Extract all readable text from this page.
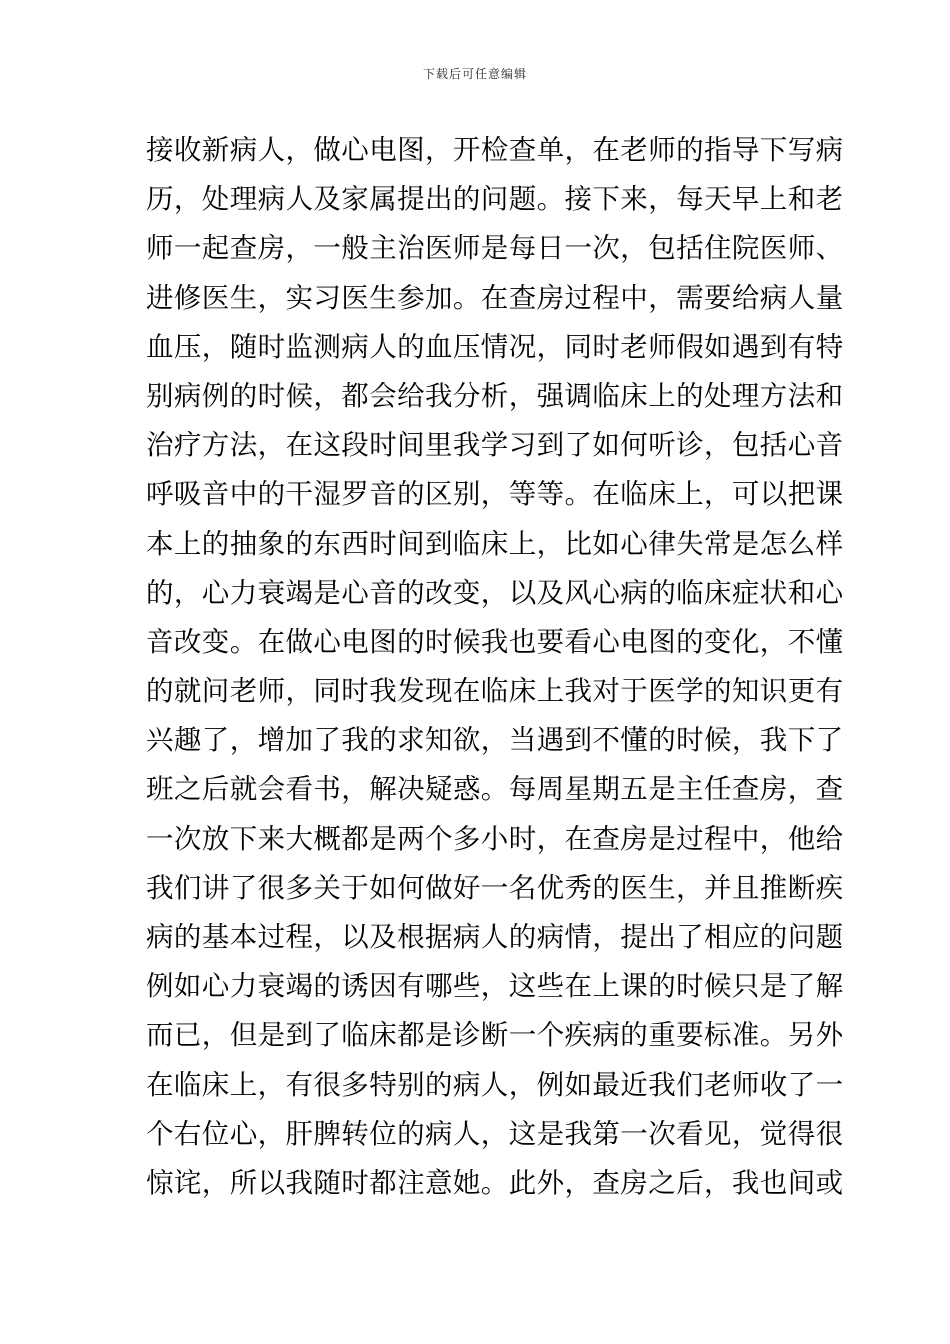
下载后可任意编辑
接收新病人，做心电图，开检查单，在老师的指导下写病
历，处理病人及家属提出的问题。接下来，每天早上和老
师一起查房，一般主治医师是每日一次，包括住院医师、
进修医生，实习医生参加。在查房过程中，需要给病人量
血压，随时监测病人的血压情况，同时老师假如遇到有特
别病例的时候，都会给我分析，强调临床上的处理方法和
治疗方法，在这段时间里我学习到了如何听诊，包括心音
呼吸音中的干湿罗音的区别，等等。在临床上，可以把课
本上的抽象的东西时间到临床上，比如心律失常是怎么样
的，心力衰竭是心音的改变，以及风心病的临床症状和心
音改变。在做心电图的时候我也要看心电图的变化，不懂
的就问老师，同时我发现在临床上我对于医学的知识更有
兴趣了，增加了我的求知欲，当遇到不懂的时候，我下了
班之后就会看书，解决疑惑。每周星期五是主任查房，查
一次放下来大概都是两个多小时，在查房是过程中，他给
我们讲了很多关于如何做好一名优秀的医生，并且推断疾
病的基本过程，以及根据病人的病情，提出了相应的问题
例如心力衰竭的诱因有哪些，这些在上课的时候只是了解
而已，但是到了临床都是诊断一个疾病的重要标准。另外
在临床上，有很多特别的病人，例如最近我们老师收了一
个右位心，肝脾转位的病人，这是我第一次看见，觉得很
惊诧，所以我随时都注意她。此外，查房之后，我也间或
